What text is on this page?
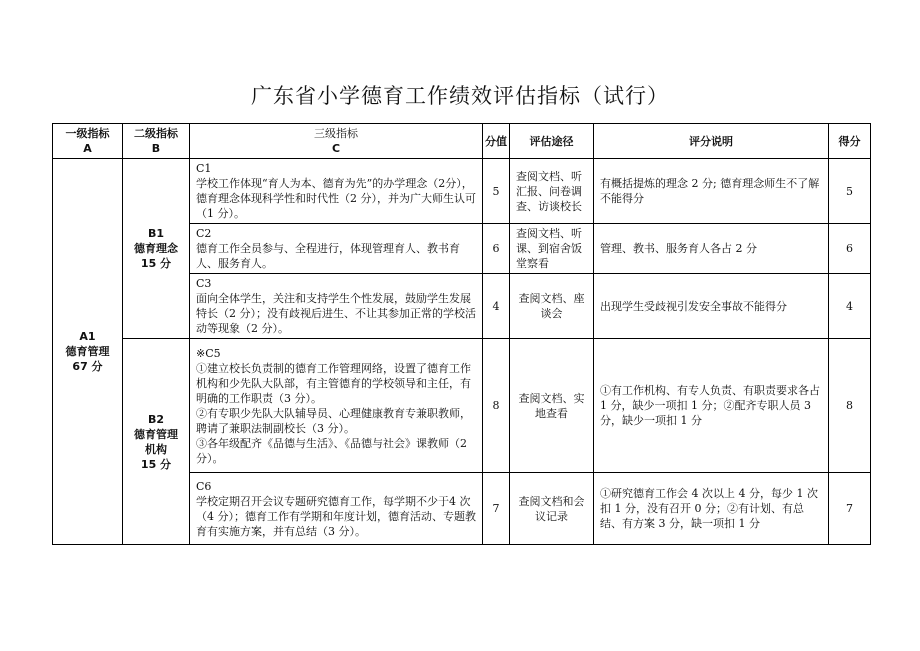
广东省小学德育工作绩效评估指标（试行）
一级指标
A	二级指标
B	三级指标
C	分值	评估途径	评分说明	得分

A1
德育管理
67 分	B1
德育理念
15 分	C1
学校工作体现“育人为本、德育为先”的办学理念（2分），德育理念体现科学性和时代性（2 分），并为广大师生认可（1 分）。	5	查阅文档、听汇报、问卷调查、访谈校长	有概括提炼的理念 2 分; 德育理念师生不了解不能得分	5

		C2
德育工作全员参与、全程进行，体现管理育人、教书育人、服务育人。	6	查阅文档、听课、到宿舍饭堂察看	管理、教书、服务育人各占 2 分	6

		C3
面向全体学生，关注和支持学生个性发展，鼓励学生发展特长（2 分）；没有歧视后进生、不让其参加正常的学校活动等现象（2 分）。	4	查阅文档、座谈会	出现学生受歧视引发安全事故不能得分	4

	B2
德育管理
机构
15 分	※C5
①建立校长负责制的德育工作管理网络，设置了德育工作机构和少先队大队部，有主管德育的学校领导和主任，有明确的工作职责（3 分）。
②有专职少先队大队辅导员、心理健康教育专兼职教师，聘请了兼职法制副校长（3 分）。
③各年级配齐《品德与生活》、《品德与社会》课教师（2 分）。	8	查阅文档、实地查看	①有工作机构、有专人负责、有职责要求各占 1 分，缺少一项扣 1 分；②配齐专职人员 3 分，缺少一项扣 1 分	8

		C6
学校定期召开会议专题研究德育工作，每学期不少于4 次（4 分）；德育工作有学期和年度计划，德育活动、专题教育有实施方案，并有总结（3 分）。	7	查阅文档和会议记录	①研究德育工作会 4 次以上 4 分，每少 1 次扣 1 分，没有召开 0 分；②有计划、有总结、有方案 3 分，缺一项扣 1 分	7
